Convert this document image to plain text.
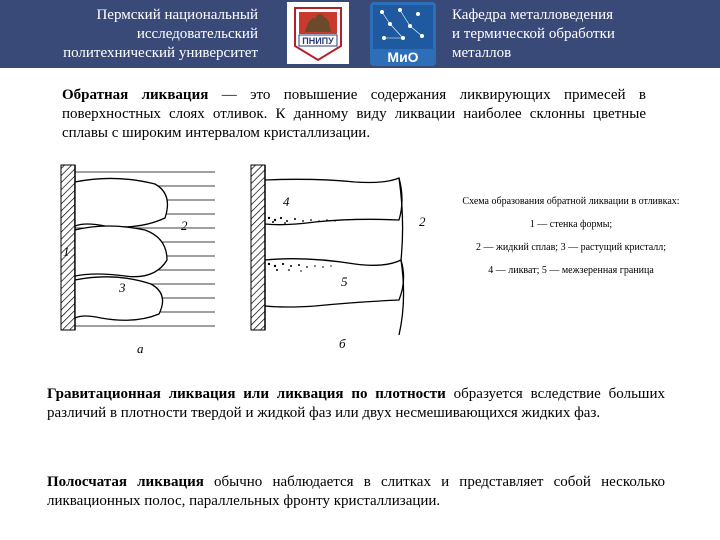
Пермский национальный
исследовательский
политехнический университет
ПНИПУ
МиО
Кафедра металловедения
и термической обработки
металлов
Обратная ликвация — это повышение содержания ликвирующих примесей в поверхностных слоях отливок. К данному виду ликвации наиболее склонны цветные сплавы с широким интервалом кристаллизации.
2
1
3
а
4
2
5
б
Схема образования обратной ликвации в отливках:
1 — стенка формы;
2 — жидкий сплав; 3 — растущий кристалл;
4 — ликват; 5 — межзеренная граница
Гравитационная ликвация или ликвация по плотности образуется вследствие больших различий в плотности твердой и жидкой фаз или двух несмешивающихся жидких фаз.
Полосчатая ликвация обычно наблюдается в слитках и представляет собой несколько ликвационных полос, параллельных фронту кристаллизации.
